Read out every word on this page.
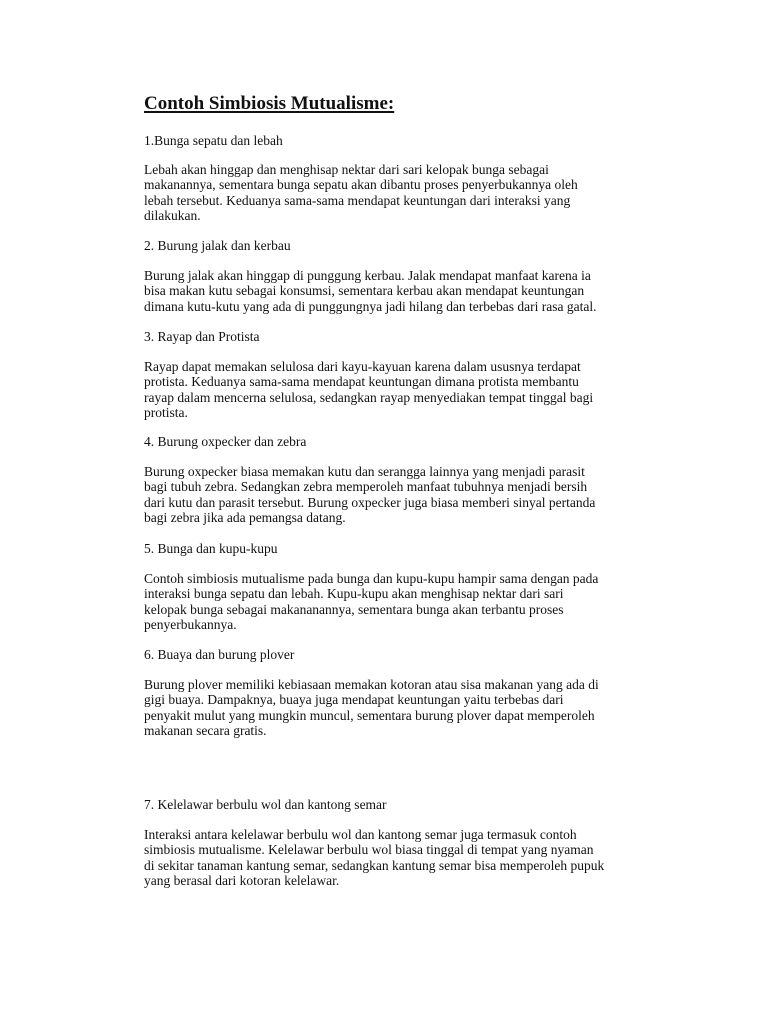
Contoh Simbiosis Mutualisme:

1.Bunga sepatu dan lebah

Lebah akan hinggap dan menghisap nektar dari sari kelopak bunga sebagai
makanannya, sementara bunga sepatu akan dibantu proses penyerbukannya oleh
lebah tersebut. Keduanya sama-sama mendapat keuntungan dari interaksi yang
dilakukan.

2. Burung jalak dan kerbau

Burung jalak akan hinggap di punggung kerbau. Jalak mendapat manfaat karena ia
bisa makan kutu sebagai konsumsi, sementara kerbau akan mendapat keuntungan
dimana kutu-kutu yang ada di punggungnya jadi hilang dan terbebas dari rasa gatal.

3. Rayap dan Protista

Rayap dapat memakan selulosa dari kayu-kayuan karena dalam ususnya terdapat
protista. Keduanya sama-sama mendapat keuntungan dimana protista membantu
rayap dalam mencerna selulosa, sedangkan rayap menyediakan tempat tinggal bagi
protista.

4. Burung oxpecker dan zebra

Burung oxpecker biasa memakan kutu dan serangga lainnya yang menjadi parasit
bagi tubuh zebra. Sedangkan zebra memperoleh manfaat tubuhnya menjadi bersih
dari kutu dan parasit tersebut. Burung oxpecker juga biasa memberi sinyal pertanda
bagi zebra jika ada pemangsa datang.

5. Bunga dan kupu-kupu

Contoh simbiosis mutualisme pada bunga dan kupu-kupu hampir sama dengan pada
interaksi bunga sepatu dan lebah. Kupu-kupu akan menghisap nektar dari sari
kelopak bunga sebagai makananannya, sementara bunga akan terbantu proses
penyerbukannya.

6. Buaya dan burung plover

Burung plover memiliki kebiasaan memakan kotoran atau sisa makanan yang ada di
gigi buaya. Dampaknya, buaya juga mendapat keuntungan yaitu terbebas dari
penyakit mulut yang mungkin muncul, sementara burung plover dapat memperoleh
makanan secara gratis.

7. Kelelawar berbulu wol dan kantong semar

Interaksi antara kelelawar berbulu wol dan kantong semar juga termasuk contoh
simbiosis mutualisme. Kelelawar berbulu wol biasa tinggal di tempat yang nyaman
di sekitar tanaman kantung semar, sedangkan kantung semar bisa memperoleh pupuk
yang berasal dari kotoran kelelawar.
